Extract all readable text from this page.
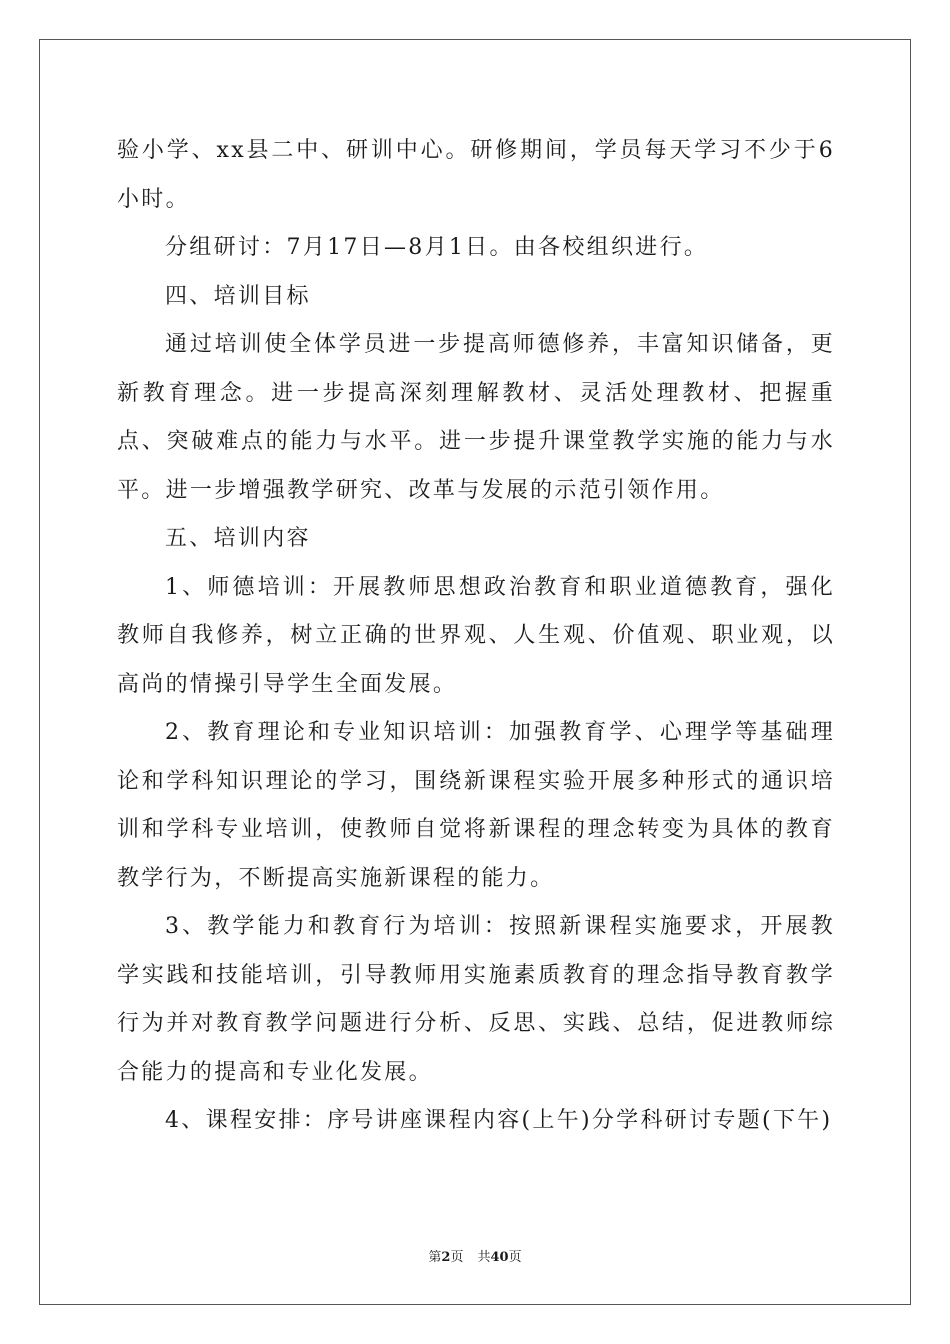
验小学、xx县二中、研训中心。研修期间，学员每天学习不少于6小时。

分组研讨：7月17日—8月1日。由各校组织进行。

四、培训目标

通过培训使全体学员进一步提高师德修养，丰富知识储备，更新教育理念。进一步提高深刻理解教材、灵活处理教材、把握重点、突破难点的能力与水平。进一步提升课堂教学实施的能力与水平。进一步增强教学研究、改革与发展的示范引领作用。

五、培训内容

1、师德培训：开展教师思想政治教育和职业道德教育，强化教师自我修养，树立正确的世界观、人生观、价值观、职业观，以高尚的情操引导学生全面发展。

2、教育理论和专业知识培训：加强教育学、心理学等基础理论和学科知识理论的学习，围绕新课程实验开展多种形式的通识培训和学科专业培训，使教师自觉将新课程的理念转变为具体的教育教学行为，不断提高实施新课程的能力。

3、教学能力和教育行为培训：按照新课程实施要求，开展教学实践和技能培训，引导教师用实施素质教育的理念指导教育教学行为并对教育教学问题进行分析、反思、实践、总结，促进教师综合能力的提高和专业化发展。

4、课程安排：序号讲座课程内容(上午)分学科研讨专题(下午)

第2页 共40页
